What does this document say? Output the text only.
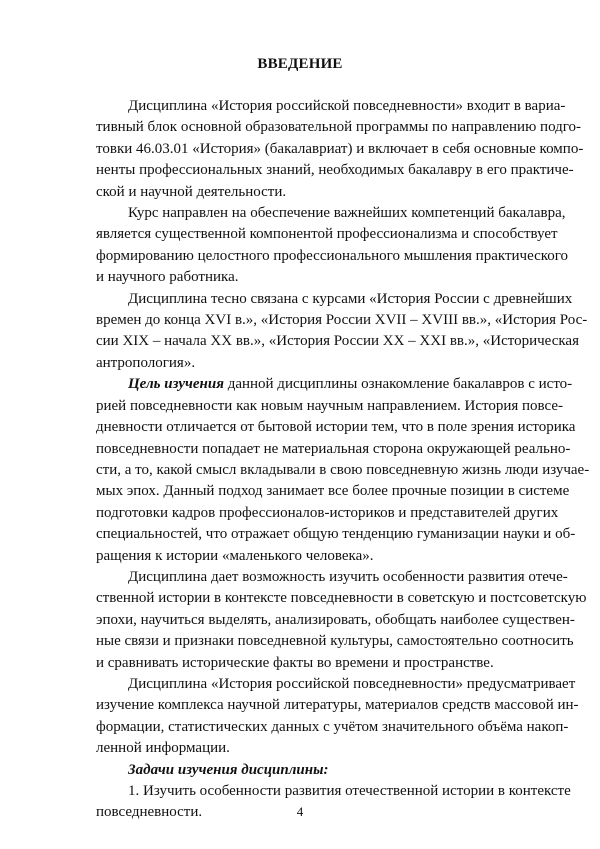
ВВЕДЕНИЕ
Дисциплина «История российской повседневности» входит в вариа-
тивный блок основной образовательной программы по направлению подго-
товки 46.03.01 «История» (бакалавриат) и включает в себя основные компо-
ненты профессиональных знаний, необходимых бакалавру в его практиче-
ской и научной деятельности.
Курс направлен на обеспечение важнейших компетенций бакалавра,
является существенной компонентой профессионализма и способствует
формированию целостного профессионального мышления практического
и научного работника.
Дисциплина тесно связана с курсами «История России с древнейших
времен до конца XVI в.», «История России XVII – XVIII вв.», «История Рос-
сии XIX – начала XX вв.», «История России XX – XXI вв.», «Историческая
антропология».
Цель изучения данной дисциплины ознакомление бакалавров с исто-
рией повседневности как новым научным направлением. История повсе-
дневности отличается от бытовой истории тем, что в поле зрения историка
повседневности попадает не материальная сторона окружающей реально-
сти, а то, какой смысл вкладывали в свою повседневную жизнь люди изучае-
мых эпох. Данный подход занимает все более прочные позиции в системе
подготовки кадров профессионалов-историков и представителей других
специальностей, что отражает общую тенденцию гуманизации науки и об-
ращения к истории «маленького человека».
Дисциплина дает возможность изучить особенности развития отече-
ственной истории в контексте повседневности в советскую и постсоветскую
эпохи, научиться выделять, анализировать, обобщать наиболее существен-
ные связи и признаки повседневной культуры, самостоятельно соотносить
и сравнивать исторические факты во времени и пространстве.
Дисциплина «История российской повседневности» предусматривает
изучение комплекса научной литературы, материалов средств массовой ин-
формации, статистических данных с учётом значительного объёма накоп-
ленной информации.
Задачи изучения дисциплины:
1. Изучить особенности развития отечественной истории в контексте
повседневности.	4
